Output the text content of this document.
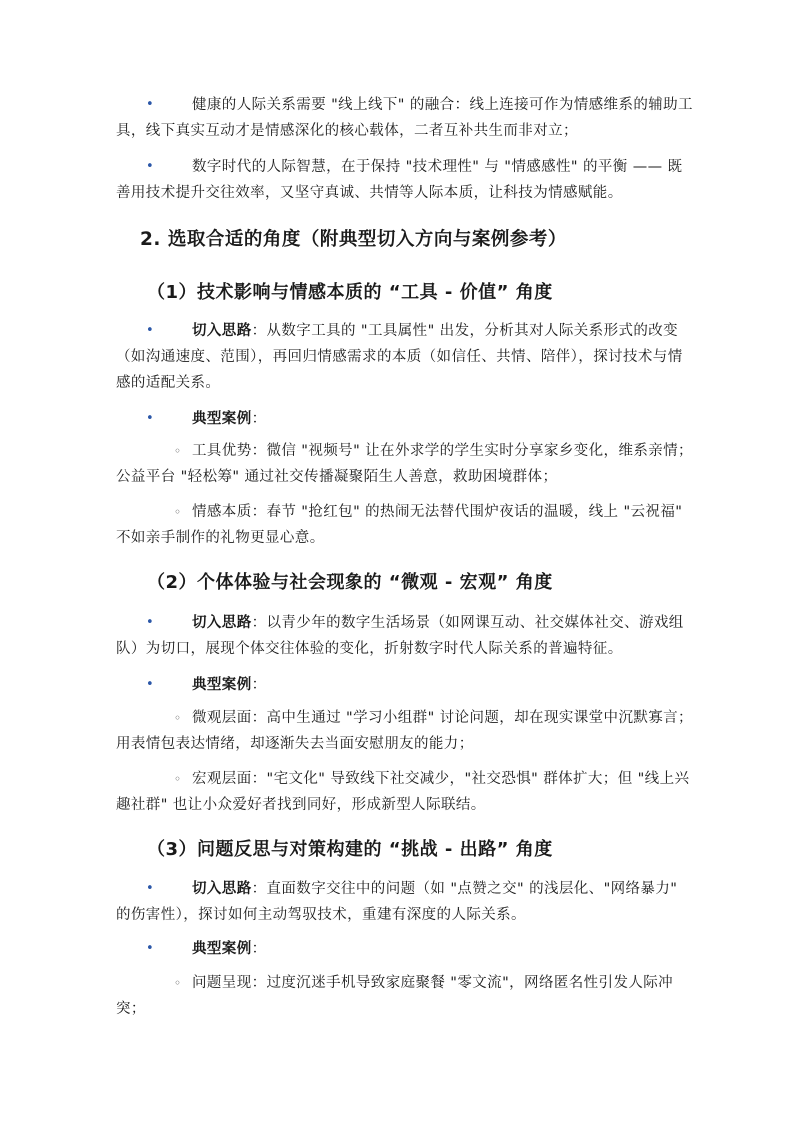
•	健康的人际关系需要 "线上线下" 的融合：线上连接可作为情感维系的辅助工具，线下真实互动才是情感深化的核心载体，二者互补共生而非对立；
•	数字时代的人际智慧，在于保持 "技术理性" 与 "情感感性" 的平衡 —— 既善用技术提升交往效率，又坚守真诚、共情等人际本质，让科技为情感赋能。
2. 选取合适的角度（附典型切入方向与案例参考）
（1）技术影响与情感本质的 “工具 - 价值” 角度
•	切入思路：从数字工具的 "工具属性" 出发，分析其对人际关系形式的改变（如沟通速度、范围），再回归情感需求的本质（如信任、共情、陪伴），探讨技术与情感的适配关系。
•	典型案例：
◦ 工具优势：微信 "视频号" 让在外求学的学生实时分享家乡变化，维系亲情；公益平台 "轻松筹" 通过社交传播凝聚陌生人善意，救助困境群体；
◦ 情感本质：春节 "抢红包" 的热闹无法替代围炉夜话的温暖，线上 "云祝福" 不如亲手制作的礼物更显心意。
（2）个体体验与社会现象的 “微观 - 宏观” 角度
•	切入思路：以青少年的数字生活场景（如网课互动、社交媒体社交、游戏组队）为切口，展现个体交往体验的变化，折射数字时代人际关系的普遍特征。
•	典型案例：
◦ 微观层面：高中生通过 "学习小组群" 讨论问题，却在现实课堂中沉默寡言；用表情包表达情绪，却逐渐失去当面安慰朋友的能力；
◦ 宏观层面："宅文化" 导致线下社交减少，"社交恐惧" 群体扩大；但 "线上兴趣社群" 也让小众爱好者找到同好，形成新型人际联结。
（3）问题反思与对策构建的 “挑战 - 出路” 角度
•	切入思路：直面数字交往中的问题（如 "点赞之交" 的浅层化、"网络暴力" 的伤害性），探讨如何主动驾驭技术，重建有深度的人际关系。
•	典型案例：
◦ 问题呈现：过度沉迷手机导致家庭聚餐 "零文流"，网络匿名性引发人际冲突；
